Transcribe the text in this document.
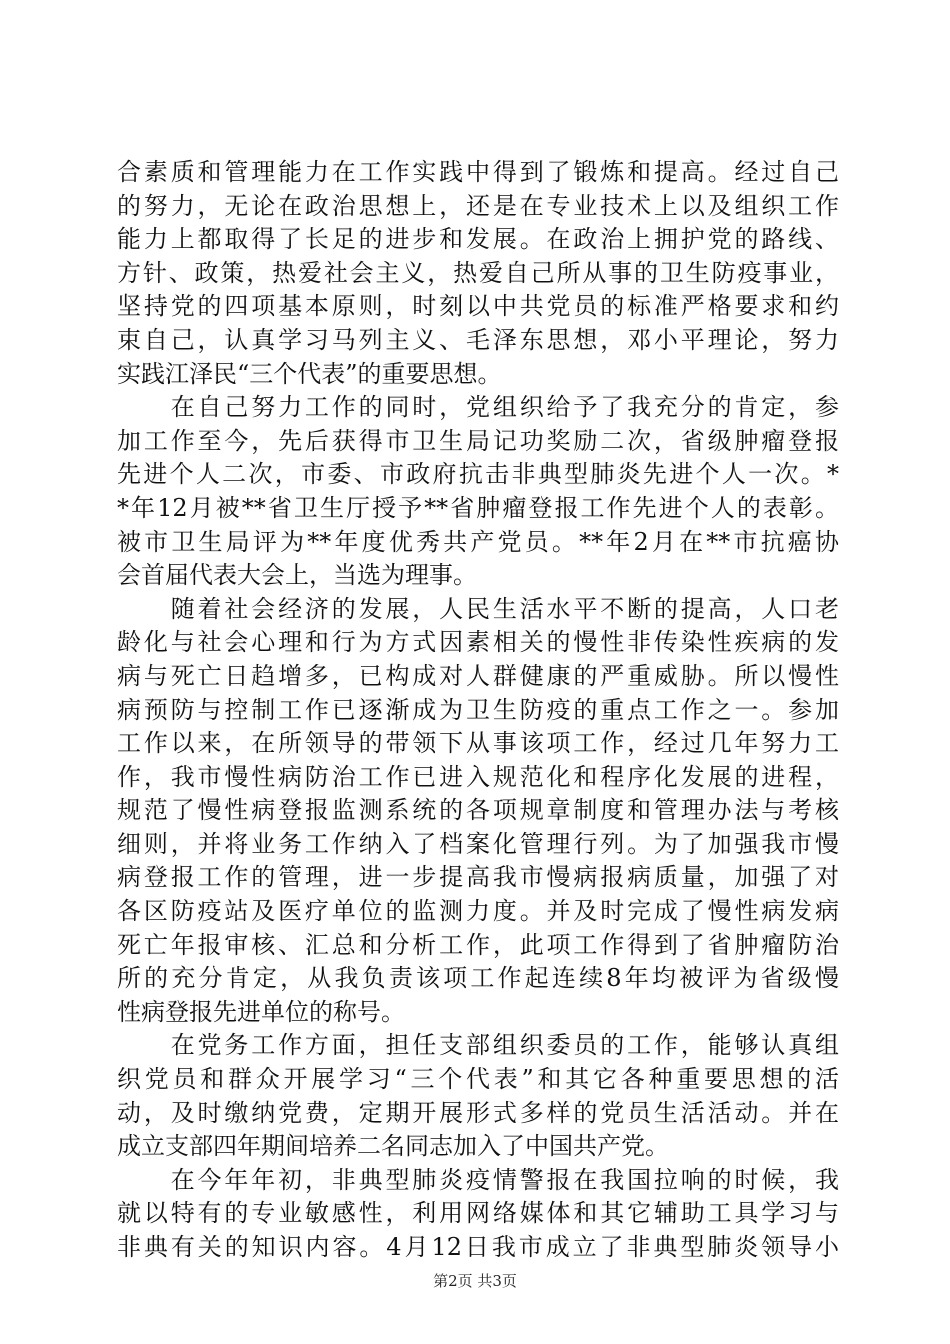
合素质和管理能力在工作实践中得到了锻炼和提高。经过自己
的努力，无论在政治思想上，还是在专业技术上以及组织工作
能力上都取得了长足的进步和发展。在政治上拥护党的路线、
方针、政策，热爱社会主义，热爱自己所从事的卫生防疫事业，
坚持党的四项基本原则，时刻以中共党员的标准严格要求和约
束自己，认真学习马列主义、毛泽东思想，邓小平理论，努力
实践江泽民“三个代表”的重要思想。
　　在自己努力工作的同时，党组织给予了我充分的肯定，参
加工作至今，先后获得市卫生局记功奖励二次，省级肿瘤登报
先进个人二次，市委、市政府抗击非典型肺炎先进个人一次。*
*年12月被**省卫生厅授予**省肿瘤登报工作先进个人的表彰。
被市卫生局评为**年度优秀共产党员。**年2月在**市抗癌协
会首届代表大会上，当选为理事。
　　随着社会经济的发展，人民生活水平不断的提高，人口老
龄化与社会心理和行为方式因素相关的慢性非传染性疾病的发
病与死亡日趋增多，已构成对人群健康的严重威胁。所以慢性
病预防与控制工作已逐渐成为卫生防疫的重点工作之一。参加
工作以来，在所领导的带领下从事该项工作，经过几年努力工
作，我市慢性病防治工作已进入规范化和程序化发展的进程，
规范了慢性病登报监测系统的各项规章制度和管理办法与考核
细则，并将业务工作纳入了档案化管理行列。为了加强我市慢
病登报工作的管理，进一步提高我市慢病报病质量，加强了对
各区防疫站及医疗单位的监测力度。并及时完成了慢性病发病
死亡年报审核、汇总和分析工作，此项工作得到了省肿瘤防治
所的充分肯定，从我负责该项工作起连续8年均被评为省级慢
性病登报先进单位的称号。
　　在党务工作方面，担任支部组织委员的工作，能够认真组
织党员和群众开展学习“三个代表”和其它各种重要思想的活
动，及时缴纳党费，定期开展形式多样的党员生活活动。并在
成立支部四年期间培养二名同志加入了中国共产党。
　　在今年年初，非典型肺炎疫情警报在我国拉响的时候，我
就以特有的专业敏感性，利用网络媒体和其它辅助工具学习与
非典有关的知识内容。4月12日我市成立了非典型肺炎领导小
第2页 共3页
